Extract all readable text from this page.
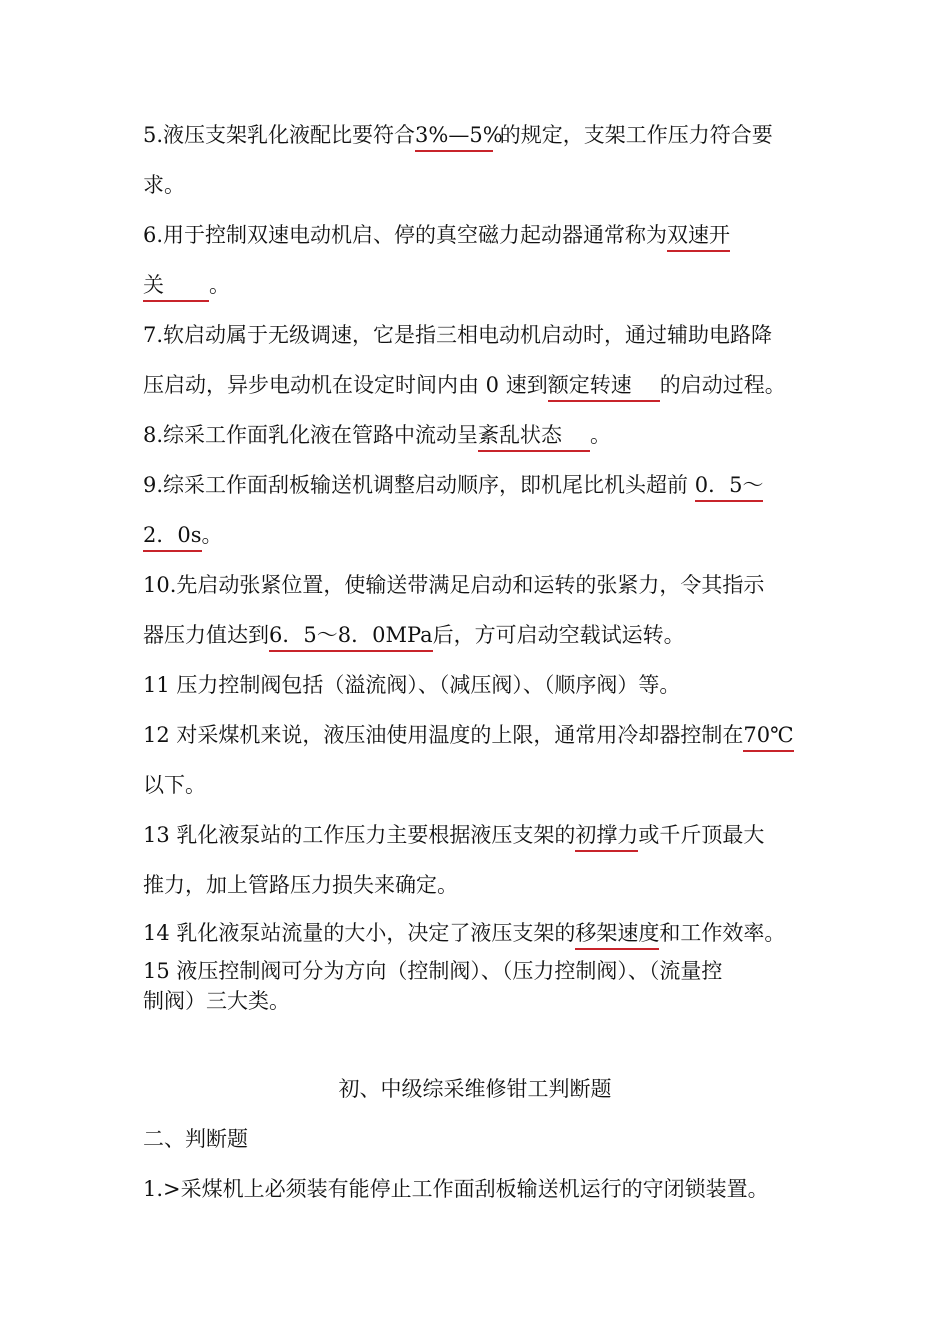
5.液压支架乳化液配比要符合3%—5% 的规定，支架工作压力符合要
求。
6.用于控制双速电动机启、停的真空磁力起动器通常称为双速开
关 。
7.软启动属于无级调速，它是指三相电动机启动时，通过辅助电路降
压启动，异步电动机在设定时间内由 0 速到额定转速 的启动过程。
8.综采工作面乳化液在管路中流动呈紊乱状态 。
9.综采工作面刮板输送机调整启动顺序，即机尾比机头超前 0．5～
2．0s。
10.先启动张紧位置，使输送带满足启动和运转的张紧力，令其指示
器压力值达到6．5～8．0MPa后，方可启动空载试运转。
11 压力控制阀包括（溢流阀）、（减压阀）、（顺序阀）等。
12 对采煤机来说，液压油使用温度的上限，通常用冷却器控制在70℃
以下。
13 乳化液泵站的工作压力主要根据液压支架的初撑力或千斤顶最大
推力，加上管路压力损失来确定。
14 乳化液泵站流量的大小，决定了液压支架的移架速度和工作效率。
15 液压控制阀可分为方向（控制阀）、（压力控制阀）、（流量控
制阀）三大类。
初、中级综采维修钳工判断题
二、判断题
1.>采煤机上必须装有能停止工作面刮板输送机运行的守闭锁装置。
